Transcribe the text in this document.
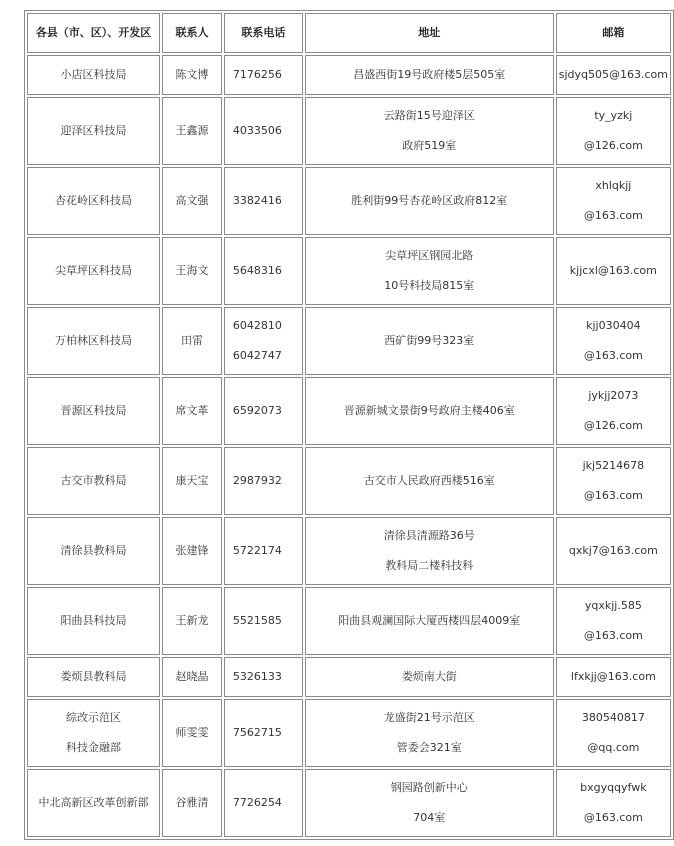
各县（市、区）、开发区	联系人	联系电话	地址	邮箱

小店区科技局	陈文博	7176256	昌盛西街19号政府楼5层505室	sjdyq505@163.com

迎泽区科技局	王鑫源	4033506	云路街15号迎泽区
政府519室	ty_yzkj
@126.com

杏花岭区科技局	高文强	3382416	胜利街99号杏花岭区政府812室	xhlqkjj
@163.com

尖草坪区科技局	王海文	5648316	尖草坪区钢园北路
10号科技局815室	kjjcxl@163.com

万柏林区科技局	田雷	6042810
6042747	西矿街99号323室	kjj030404
@163.com

晋源区科技局	席文革	6592073	晋源新城文景街9号政府主楼406室	jykjj2073
@126.com

古交市教科局	康天宝	2987932	古交市人民政府西楼516室	jkj5214678
@163.com

清徐县教科局	张建锋	5722174	清徐县清源路36号
教科局二楼科技科	qxkj7@163.com

阳曲县科技局	王新龙	5521585	阳曲县观澜国际大厦西楼四层4009室	yqxkjj.585
@163.com

娄烦县教科局	赵晓晶	5326133	娄烦南大街	lfxkjj@163.com

综改示范区
科技金融部	师雯雯	7562715	龙盛街21号示范区
管委会321室	380540817
@qq.com

中北高新区改革创新部	谷雅清	7726254	钢园路创新中心
704室	bxgyqqyfwk
@163.com
